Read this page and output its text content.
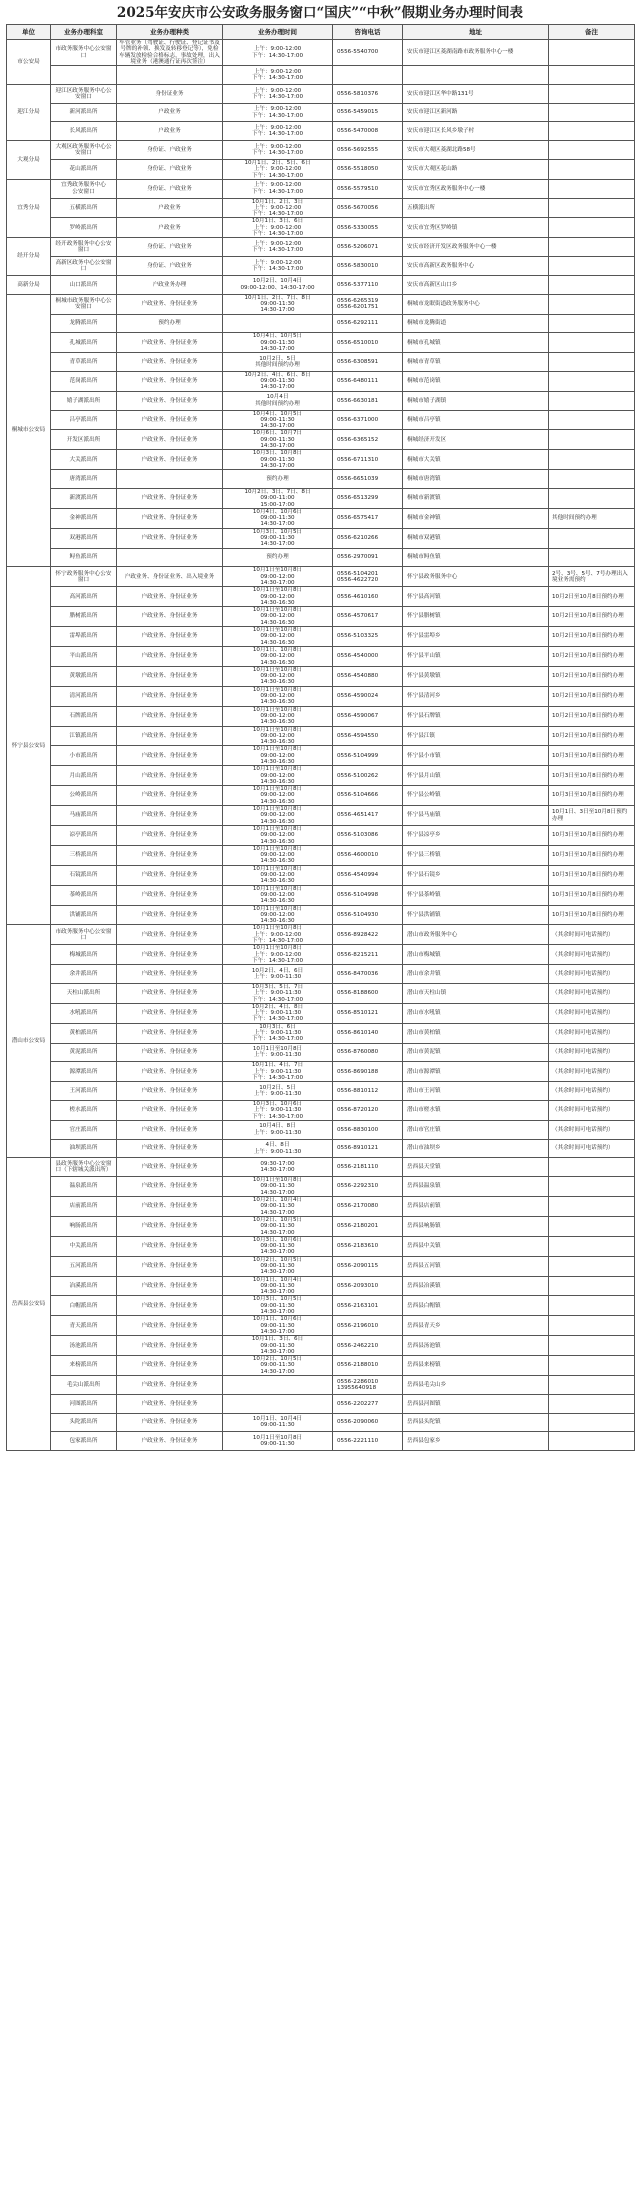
2025年安庆市公安政务服务窗口“国庆”“中秋”假期业务办理时间表
单位	业务办理科室	业务办理种类	业务办理时间	咨询电话	地址	备注
市公安局	市政务服务中心公安窗口	车管业务（驾驶证、行驶证、登记证书及号牌的补领、换发及转移登记等），免检车辆发放检验合格标志，事故处理，出入境业务（港澳通行证再次签注）	上午：9:00-12:00
下午：14:30-17:00	0556-5540700	安庆市迎江区菱湖南路市政务服务中心一楼	
			上午：9:00-12:00
下午：14:30-17:00			
迎江分局	迎江区政务服务中心公安窗口	身份证业务	上午：9:00-12:00
下午：14:30-17:00	0556-5810376	安庆市迎江区华中路131号	
	新河派出所	户政业务	上午：9:00-12:00
下午：14:30-17:00	0556-5459015	安庆市迎江区新河路	
	长风派出所	户政业务	上午：9:00-12:00
下午：14:30-17:00	0556-5470008	安庆市迎江区长风乡墩子村	
大观分局	大观区政务服务中心公安窗口	身份证、户政业务	上午：9:00-12:00
下午：14:30-17:00	0556-5692555	安庆市大观区菱湖北路58号	
	花山派出所	身份证、户政业务	10月1日、2日、5日、6日
上午：9:00-12:00
下午：14:30-17:00	0556-5518050	安庆市大观区花山路	
宜秀分局	宜秀政务服务中心
公安窗口	身份证、户政业务	上午：9:00-12:00
下午：14:30-17:00	0556-5579510	安庆市宜秀区政务服务中心一楼	
	五横派出所	户政业务	10月1日、2日、3日
上午：9:00-12:00
下午：14:30-17:00	0556-5670056	五横派出所	
	罗岭派出所	户政业务	10月1日、3日、6日
上午：9:00-12:00
下午：14:30-17:00	0556-5330055	安庆市宜秀区罗岭镇	
经开分局	经开政务服务中心公安窗口	身份证、户政业务	上午：9:00-12:00
下午：14:30-17:00	0556-5206071	安庆市经济开发区政务服务中心一楼	
	高新区政务中心公安窗口	身份证、户政业务	上午：9:00-12:00
下午：14:30-17:00	0556-5830010	安庆市高新区政务服务中心	
高新分局	山口派出所	户政业务办理	10月2日、10月4日
09:00-12:00、14:30-17:00	0556-5377110	安庆市高新区山口乡	
桐城市公安局	桐城市政务服务中心公安窗口	户政业务、身份证业务	10月1日、2日、7日、8日
09:00-11:30
14:30-17:00	0556-6265319
0556-6201751	桐城市龙眠街道政务服务中心	
	龙腾派出所	预约办理		0556-6292111	桐城市龙腾街道	
	孔城派出所	户政业务、身份证业务	10月4日、10月5日
09:00-11:30
14:30-17:00	0556-6510010	桐城市孔城镇	
	青草派出所	户政业务、身份证业务	10月2日、5日
其他时间预约办理	0556-6308591	桐城市青草镇	
	范岗派出所	户政业务、身份证业务	10月2日、4日、6日、8日
09:00-11:30
14:30-17:00	0556-6480111	桐城市范岗镇	
	嬉子湖派出所	户政业务、身份证业务	10月4日
其他时间预约办理	0556-6630181	桐城市嬉子湖镇	
	吕亭派出所	户政业务、身份证业务	10月4日、10月5日
09:00-11:30
14:30-17:00	0556-6371000	桐城市吕亭镇	
	开发区派出所	户政业务、身份证业务	10月6日、10月7日
09:00-11:30
14:30-17:00	0556-6365152	桐城经济开发区	
	大关派出所	户政业务、身份证业务	10月3日、10月8日
09:00-11:30
14:30-17:00	0556-6711310	桐城市大关镇	
	唐湾派出所		预约办理	0556-6651039	桐城市唐湾镇	
	新渡派出所	户政业务、身份证业务	10月2日、3日、7日、8日
09:00-11:00
15:00-17:00	0556-6513299	桐城市新渡镇	
	金神派出所	户政业务、身份证业务	10月4日、10月6日
09:00-11:30
14:30-17:00	0556-6575417	桐城市金神镇	其他时间预约办理
	双港派出所	户政业务、身份证业务	10月3日、10月5日
09:00-11:30
14:30-17:00	0556-6210266	桐城市双港镇	
	鲟鱼派出所		预约办理	0556-2970091	桐城市鲟鱼镇	
怀宁县公安局	怀宁政务服务中心公安窗口	户政业务、身份证业务、出入境业务	10月1日至10月8日
09:00-12:00
14:30-17:00	0556-5104201
0556-4622720	怀宁县政务服务中心	2号、3号、5号、7号办理出入境业务需预约
	高河派出所	户政业务、身份证业务	10月1日至10月8日
09:00-12:00
14:30-16:30	0556-4610160	怀宁县高河镇	10月2日至10月8日预约办理
	腊树派出所	户政业务、身份证业务	10月1日至10月8日
09:00-12:00
14:30-16:30	0556-4570617	怀宁县腊树镇	10月2日至10月8日预约办理
	雷埠派出所	户政业务、身份证业务	10月1日至10月8日
09:00-12:00
14:30-16:30	0556-5103325	怀宁县雷埠乡	10月2日至10月8日预约办理
	平山派出所	户政业务、身份证业务	10月1日、10月8日
09:00-12:00
14:30-16:30	0556-4540000	怀宁县平山镇	10月2日至10月8日预约办理
	黄墩派出所	户政业务、身份证业务	10月1日至10月8日
09:00-12:00
14:30-16:30	0556-4540880	怀宁县黄墩镇	10月2日至10月8日预约办理
	清河派出所	户政业务、身份证业务	10月1日至10月8日
09:00-12:00
14:30-16:30	0556-4590024	怀宁县清河乡	10月2日至10月8日预约办理
	石牌派出所	户政业务、身份证业务	10月1日至10月8日
09:00-12:00
14:30-16:30	0556-4590067	怀宁县石牌镇	10月2日至10月8日预约办理
	江镇派出所	户政业务、身份证业务	10月1日至10月8日
09:00-12:00
14:30-16:30	0556-4594550	怀宁县江镇	10月2日至10月8日预约办理
	小市派出所	户政业务、身份证业务	10月1日至10月8日
09:00-12:00
14:30-16:30	0556-5104999	怀宁县小市镇	10月3日至10月8日预约办理
	月山派出所	户政业务、身份证业务	10月1日至10月8日
09:00-12:00
14:30-16:30	0556-5100262	怀宁县月山镇	10月3日至10月8日预约办理
	公岭派出所	户政业务、身份证业务	10月1日至10月8日
09:00-12:00
14:30-16:30	0556-5104666	怀宁县公岭镇	10月3日至10月8日预约办理
	马庙派出所	户政业务、身份证业务	10月1日至10月8日
09:00-12:00
14:30-16:30	0556-4651417	怀宁县马庙镇	10月1日、3日至10月8日预约办理
	凉亭派出所	户政业务、身份证业务	10月1日至10月8日
09:00-12:00
14:30-16:30	0556-5103086	怀宁县凉亭乡	10月3日至10月8日预约办理
	三桥派出所	户政业务、身份证业务	10月1日至10月8日
09:00-12:00
14:30-16:30	0556-4600010	怀宁县三桥镇	10月3日至10月8日预约办理
	石镜派出所	户政业务、身份证业务	10月1日至10月8日
09:00-12:00
14:30-16:30	0556-4540994	怀宁县石镜乡	10月3日至10月8日预约办理
	茶岭派出所	户政业务、身份证业务	10月1日至10月8日
09:00-12:00
14:30-16:30	0556-5104998	怀宁县茶岭镇	10月3日至10月8日预约办理
	洪铺派出所	户政业务、身份证业务	10月1日至10月8日
09:00-12:00
14:30-16:30	0556-5104930	怀宁县洪铺镇	10月3日至10月8日预约办理
潜山市公安局	市政务服务中心公安窗口	户政业务、身份证业务	10月1日至10月8日
上午：9:00-12:00
下午：14:30-17:00	0556-8928422	潜山市政务服务中心	（其余时间可电话预约）
	梅城派出所	户政业务、身份证业务	10月1日至10月8日
上午：9:00-12:00
下午：14:30-17:00	0556-8215211	潜山市梅城镇	（其余时间可电话预约）
	余井派出所	户政业务、身份证业务	10月2日、4日、6日
上午：9:00-11:30	0556-8470036	潜山市余井镇	（其余时间可电话预约）
	天柱山派出所	户政业务、身份证业务	10月3日、5日、7日
上午：9:00-11:30
下午：14:30-17:00	0556-8188600	潜山市天柱山镇	（其余时间可电话预约）
	水吼派出所	户政业务、身份证业务	10月2日、4日、8日
上午：9:00-11:30
下午：14:30-17:00	0556-8510121	潜山市水吼镇	（其余时间可电话预约）
	黄柏派出所	户政业务、身份证业务	10月3日、6日
上午：9:00-11:30
下午：14:30-17:00	0556-8610140	潜山市黄柏镇	（其余时间可电话预约）
	黄泥派出所	户政业务、身份证业务	10月1日至10月8日
上午：9:00-11:30	0556-8760080	潜山市黄泥镇	（其余时间可电话预约）
	源潭派出所	户政业务、身份证业务	10月1日、4日、7日
上午：9:00-11:30
下午：14:30-17:00	0556-8690188	潜山市源潭镇	（其余时间可电话预约）
	王河派出所	户政业务、身份证业务	10月2日、5日
上午：9:00-11:30	0556-8810112	潜山市王河镇	（其余时间可电话预约）
	槎水派出所	户政业务、身份证业务	10月3日、10月6日
上午：9:00-11:30
下午：14:30-17:00	0556-8720120	潜山市槎水镇	（其余时间可电话预约）
	官庄派出所	户政业务、身份证业务	10月4日、8日
上午：9:00-11:30	0556-8830100	潜山市官庄镇	（其余时间可电话预约）
	油坝派出所	户政业务、身份证业务	4日、8日
上午：9:00-11:30	0556-8910121	潜山市油坝乡	（其余时间可电话预约）
岳西县公安局	县政务服务中心公安窗口（下辖城关派出所）	户政业务、身份证业务	09:30-17:00
14:30-17:00	0556-2181110	岳西县天堂镇	
	温泉派出所	户政业务、身份证业务	10月1日至10月8日
09:00-11:30
14:30-17:00	0556-2292310	岳西县温泉镇	
	店前派出所	户政业务、身份证业务	10月2日、10月4日
09:00-11:30
14:30-17:00	0556-2170080	岳西县店前镇	
	响肠派出所	户政业务、身份证业务	10月2日、10月5日
09:00-11:30
14:30-17:00	0556-2180201	岳西县响肠镇	
	中关派出所	户政业务、身份证业务	10月3日、10月6日
09:00-11:30
14:30-17:00	0556-2183610	岳西县中关镇	
	五河派出所	户政业务、身份证业务	10月2日、10月5日
09:00-11:30
14:30-17:00	0556-2090115	岳西县五河镇	
	冶溪派出所	户政业务、身份证业务	10月1日、10月4日
09:00-11:30
14:30-17:00	0556-2093010	岳西县冶溪镇	
	白帽派出所	户政业务、身份证业务	10月3日、10月5日
09:00-11:30
14:30-17:00	0556-2163101	岳西县白帽镇	
	青天派出所	户政业务、身份证业务	10月1日、10月6日
09:00-11:30
14:30-17:00	0556-2196010	岳西县青天乡	
	汤池派出所	户政业务、身份证业务	10月1日、3日、6日
09:00-11:30
14:30-17:00	0556-2462210	岳西县汤池镇	
	来榜派出所	户政业务、身份证业务	10月2日、10月5日
09:00-11:30
14:30-17:00	0556-2188010	岳西县来榜镇	
	毛尖山派出所	户政业务、身份证业务		0556-2286010
13955640918	岳西县毛尖山乡	
	河图派出所	户政业务、身份证业务		0556-2202277	岳西县河图镇	
	头陀派出所	户政业务、身份证业务	10月1日、10月4日
09:00-11:30	0556-2090060	岳西县头陀镇	
	包家派出所	户政业务、身份证业务	10月1日至10月8日
09:00-11:30	0556-2221110	岳西县包家乡	
